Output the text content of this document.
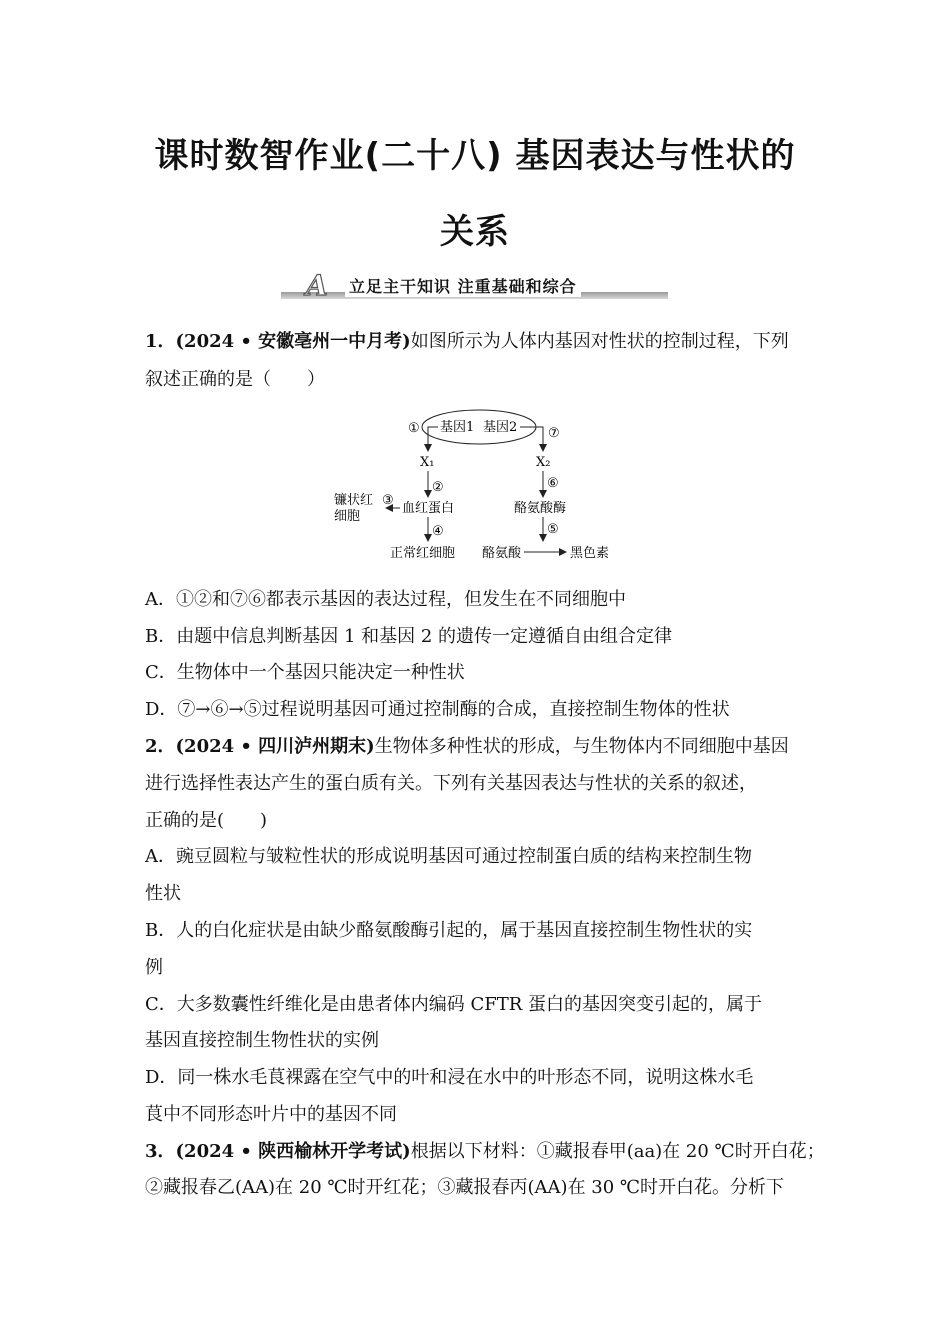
课时数智作业(二十八) 基因表达与性状的
关系
A 立足主干知识 注重基础和综合
1．(2024 • 安徽亳州一中月考)如图所示为人体内基因对性状的控制过程，下列
叙述正确的是（　　）
基因1 基因2
①
X₁
②
血红蛋白
③
镰状红
细胞
④
正常红细胞
⑦
X₂
⑥
酪氨酸酶
⑤
酪氨酸	黑色素
A．①②和⑦⑥都表示基因的表达过程，但发生在不同细胞中
B．由题中信息判断基因 1 和基因 2 的遗传一定遵循自由组合定律
C．生物体中一个基因只能决定一种性状
D．⑦→⑥→⑤过程说明基因可通过控制酶的合成，直接控制生物体的性状
2．(2024 • 四川泸州期末)生物体多种性状的形成，与生物体内不同细胞中基因
进行选择性表达产生的蛋白质有关。下列有关基因表达与性状的关系的叙述，
正确的是(　　)
A．豌豆圆粒与皱粒性状的形成说明基因可通过控制蛋白质的结构来控制生物
性状
B．人的白化症状是由缺少酪氨酸酶引起的，属于基因直接控制生物性状的实
例
C．大多数囊性纤维化是由患者体内编码 CFTR 蛋白的基因突变引起的，属于
基因直接控制生物性状的实例
D．同一株水毛茛裸露在空气中的叶和浸在水中的叶形态不同，说明这株水毛
茛中不同形态叶片中的基因不同
3．(2024 • 陕西榆林开学考试)根据以下材料：①藏报春甲(aa)在 20 ℃时开白花；
②藏报春乙(AA)在 20 ℃时开红花；③藏报春丙(AA)在 30 ℃时开白花。分析下
